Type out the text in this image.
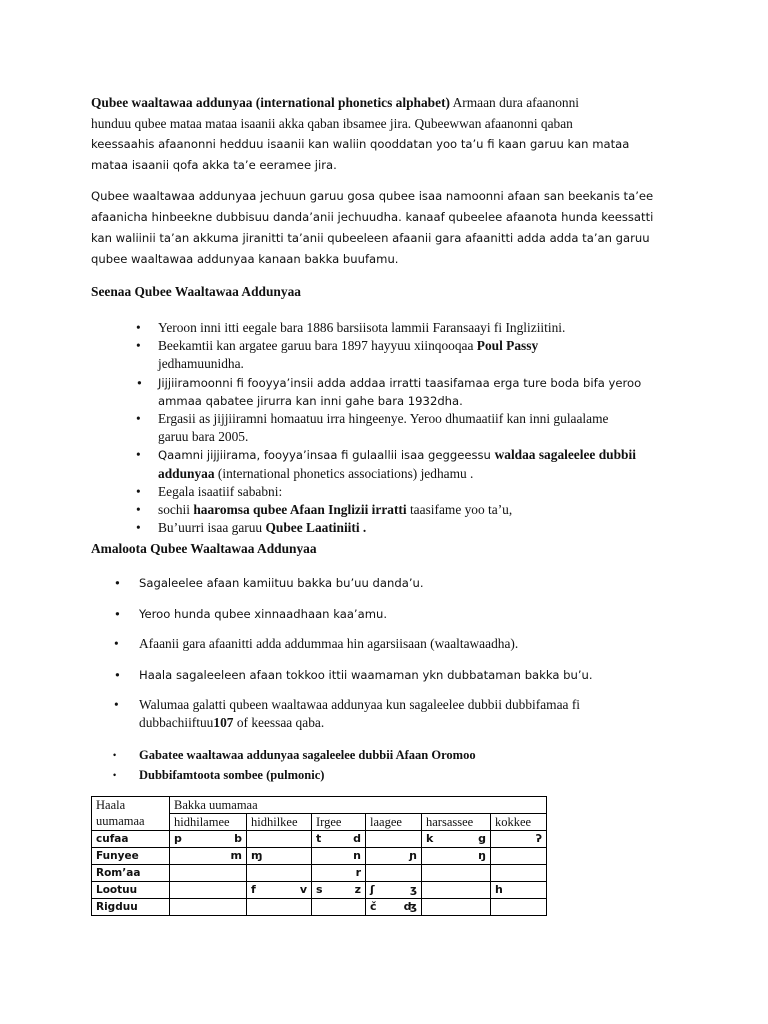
Qubee waaltawaa addunyaa (international phonetics alphabet) Armaan dura afaanonni
hunduu qubee mataa mataa isaanii akka qaban ibsamee jira. Qubeewwan afaanonni qaban
keessaahis afaanonni hedduu isaanii kan waliin qooddatan yoo ta’u fi kaan garuu kan mataa
mataa isaanii qofa akka ta’e eeramee jira.

Qubee waaltawaa addunyaa jechuun garuu gosa qubee isaa namoonni afaan san beekanis ta’ee
afaanicha hinbeekne dubbisuu danda’anii jechuudha. kanaaf qubeelee afaanota hunda keessatti
kan waliinii ta’an akkuma jiranitti ta’anii qubeeleen afaanii gara afaanitti adda adda ta’an garuu
qubee waaltawaa addunyaa kanaan bakka buufamu.

Seenaa Qubee Waaltawaa Addunyaa
• Yeroon inni itti eegale bara 1886 barsiisota lammii Faransaayi fi Ingliziitini.
• Beekamtii kan argatee garuu bara 1897 hayyuu xiinqooqaa Poul Passy
jedhamuunidha.
• Jijjiiramoonni fi fooyya’insii adda addaa irratti taasifamaa erga ture boda bifa yeroo
ammaa qabatee jirurra kan inni gahe bara 1932dha.
• Ergasii as jijjiiramni homaatuu irra hingeenye. Yeroo dhumaatiif kan inni gulaalame
garuu bara 2005.
• Qaamni jijjiirama, fooyya’insaa fi gulaallii isaa geggeessu waldaa sagaleelee dubbii
addunyaa (international phonetics associations) jedhamu .
• Eegala isaatiif sababni:
• sochii haaromsa qubee Afaan Inglizii irratti taasifame yoo ta’u,
• Bu’uurri isaa garuu Qubee Laatiniiti .
Amaloota Qubee Waaltawaa Addunyaa
• Sagaleelee afaan kamiituu bakka bu’uu danda’u.
• Yeroo hunda qubee xinnaadhaan kaa’amu.
• Afaanii gara afaanitti adda addummaa hin agarsiisaan (waaltawaadha).
• Haala sagaleeleen afaan tokkoo ittii waamaman ykn dubbataman bakka bu’u.
• Walumaa galatti qubeen waaltawaa addunyaa kun sagaleelee dubbii dubbifamaa fi
dubbachiiftuu107 of keessaa qaba.
• Gabatee waaltawaa addunyaa sagaleelee dubbii Afaan Oromoo
• Dubbifamtoota sombee (pulmonic)
Haala
uumamaa	Bakka uumamaa					
	hidhilamee	hidhilkee	Irgee	laagee	harsassee	kokkee
cufaa	p b		t d		k g	ʔ

Funyee	m	ɱ	n	ɲ	ŋ	

Rom’aa			r			

Lootuu		f v	s z	ʃ ʒ		h

Rigduu				č ʤ		
